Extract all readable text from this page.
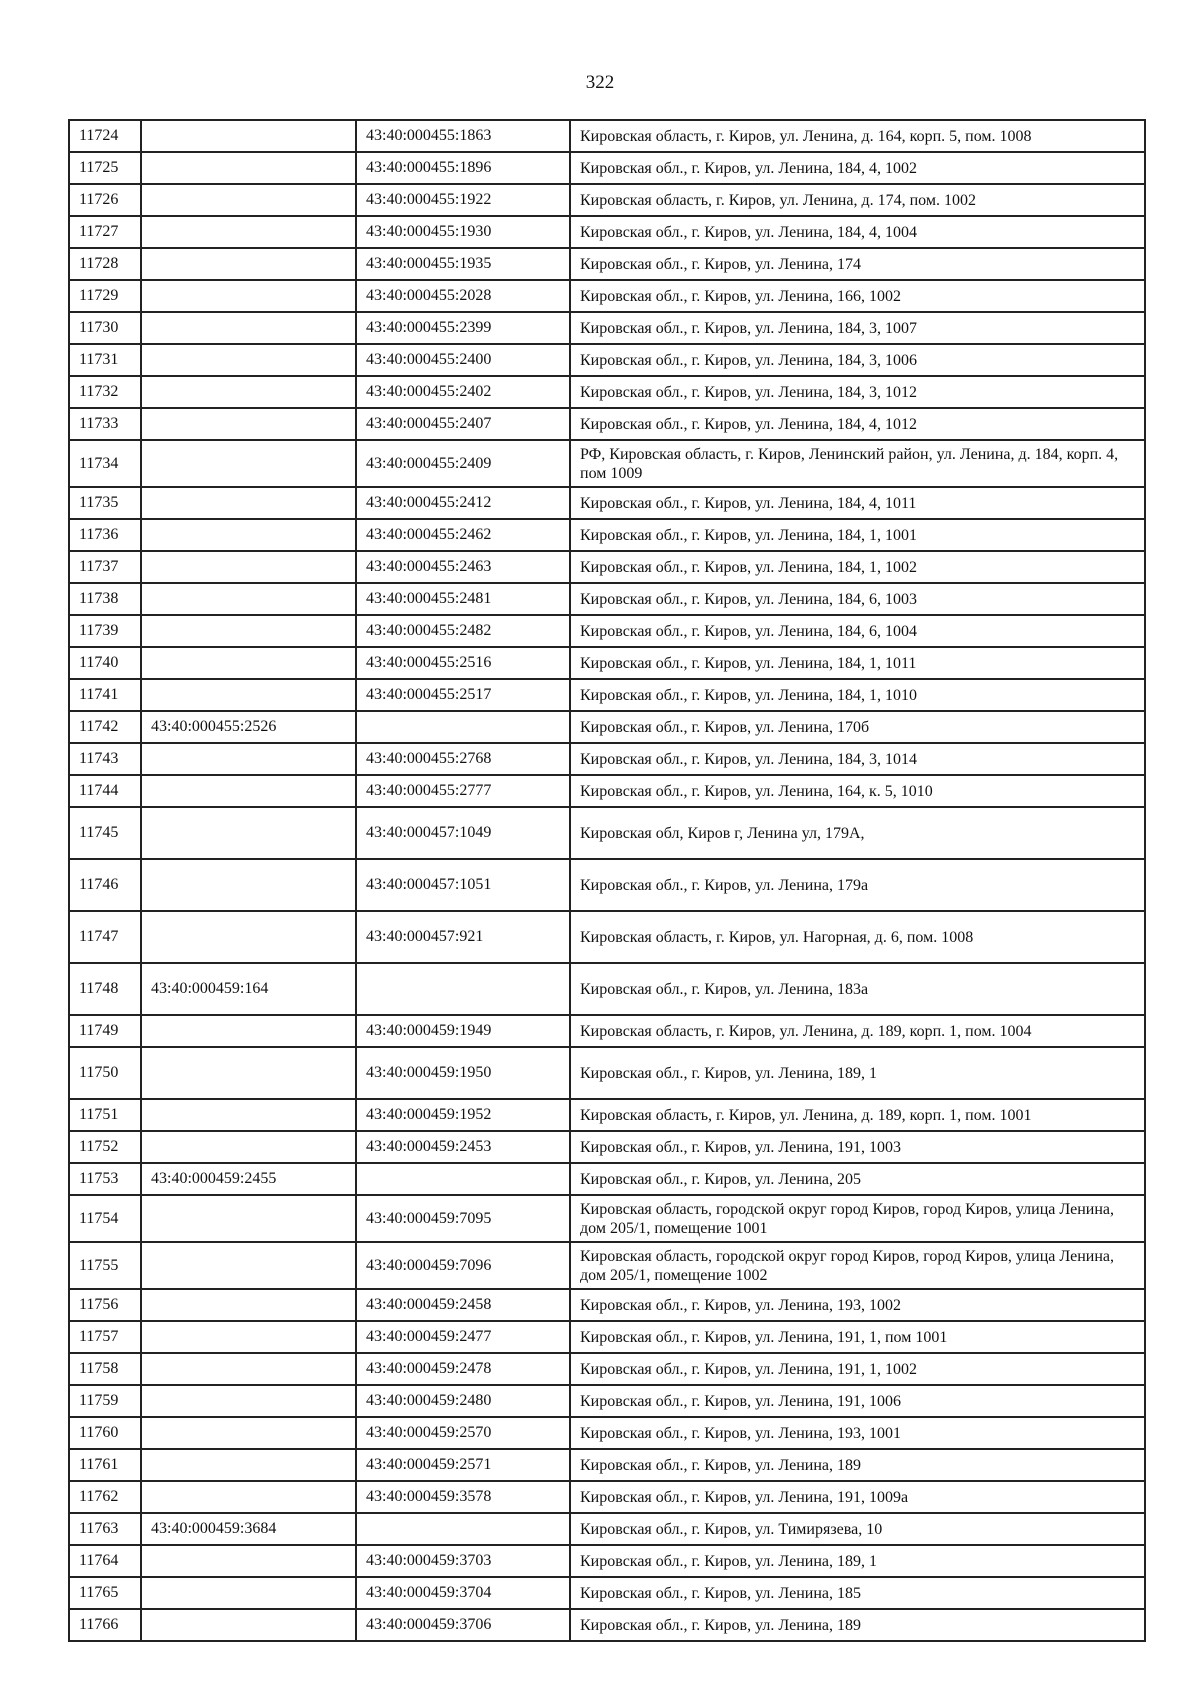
322
11724		43:40:000455:1863	Кировская область, г. Киров, ул. Ленина, д. 164, корп. 5, пом. 1008
11725		43:40:000455:1896	Кировская обл., г. Киров, ул. Ленина, 184, 4, 1002
11726		43:40:000455:1922	Кировская область, г. Киров, ул. Ленина, д. 174, пом. 1002
11727		43:40:000455:1930	Кировская обл., г. Киров, ул. Ленина, 184, 4, 1004
11728		43:40:000455:1935	Кировская обл., г. Киров, ул. Ленина, 174
11729		43:40:000455:2028	Кировская обл., г. Киров, ул. Ленина, 166, 1002
11730		43:40:000455:2399	Кировская обл., г. Киров, ул. Ленина, 184, 3, 1007
11731		43:40:000455:2400	Кировская обл., г. Киров, ул. Ленина, 184, 3, 1006
11732		43:40:000455:2402	Кировская обл., г. Киров, ул. Ленина, 184, 3, 1012
11733		43:40:000455:2407	Кировская обл., г. Киров, ул. Ленина, 184, 4, 1012
11734		43:40:000455:2409	РФ, Кировская область, г. Киров, Ленинский район, ул. Ленина, д. 184, корп. 4, пом 1009
11735		43:40:000455:2412	Кировская обл., г. Киров, ул. Ленина, 184, 4, 1011
11736		43:40:000455:2462	Кировская обл., г. Киров, ул. Ленина, 184, 1, 1001
11737		43:40:000455:2463	Кировская обл., г. Киров, ул. Ленина, 184, 1, 1002
11738		43:40:000455:2481	Кировская обл., г. Киров, ул. Ленина, 184, 6, 1003
11739		43:40:000455:2482	Кировская обл., г. Киров, ул. Ленина, 184, 6, 1004
11740		43:40:000455:2516	Кировская обл., г. Киров, ул. Ленина, 184, 1, 1011
11741		43:40:000455:2517	Кировская обл., г. Киров, ул. Ленина, 184, 1, 1010
11742	43:40:000455:2526		Кировская обл., г. Киров, ул. Ленина, 170б
11743		43:40:000455:2768	Кировская обл., г. Киров, ул. Ленина, 184, 3, 1014
11744		43:40:000455:2777	Кировская обл., г. Киров, ул. Ленина, 164, к. 5, 1010
11745		43:40:000457:1049	Кировская обл, Киров г, Ленина ул, 179А,
11746		43:40:000457:1051	Кировская обл., г. Киров, ул. Ленина, 179а
11747		43:40:000457:921	Кировская область, г. Киров, ул. Нагорная, д. 6, пом. 1008
11748	43:40:000459:164		Кировская обл., г. Киров, ул. Ленина, 183а
11749		43:40:000459:1949	Кировская область, г. Киров, ул. Ленина, д. 189, корп. 1, пом. 1004
11750		43:40:000459:1950	Кировская обл., г. Киров, ул. Ленина, 189, 1
11751		43:40:000459:1952	Кировская область, г. Киров, ул. Ленина, д. 189, корп. 1, пом. 1001
11752		43:40:000459:2453	Кировская обл., г. Киров, ул. Ленина, 191, 1003
11753	43:40:000459:2455		Кировская обл., г. Киров, ул. Ленина, 205
11754		43:40:000459:7095	Кировская область, городской округ город Киров, город Киров, улица Ленина, дом 205/1, помещение 1001
11755		43:40:000459:7096	Кировская область, городской округ город Киров, город Киров, улица Ленина, дом 205/1, помещение 1002
11756		43:40:000459:2458	Кировская обл., г. Киров, ул. Ленина, 193, 1002
11757		43:40:000459:2477	Кировская обл., г. Киров, ул. Ленина, 191, 1, пом 1001
11758		43:40:000459:2478	Кировская обл., г. Киров, ул. Ленина, 191, 1, 1002
11759		43:40:000459:2480	Кировская обл., г. Киров, ул. Ленина, 191, 1006
11760		43:40:000459:2570	Кировская обл., г. Киров, ул. Ленина, 193, 1001
11761		43:40:000459:2571	Кировская обл., г. Киров, ул. Ленина, 189
11762		43:40:000459:3578	Кировская обл., г. Киров, ул. Ленина, 191, 1009а
11763	43:40:000459:3684		Кировская обл., г. Киров, ул. Тимирязева, 10
11764		43:40:000459:3703	Кировская обл., г. Киров, ул. Ленина, 189, 1
11765		43:40:000459:3704	Кировская обл., г. Киров, ул. Ленина, 185
11766		43:40:000459:3706	Кировская обл., г. Киров, ул. Ленина, 189
